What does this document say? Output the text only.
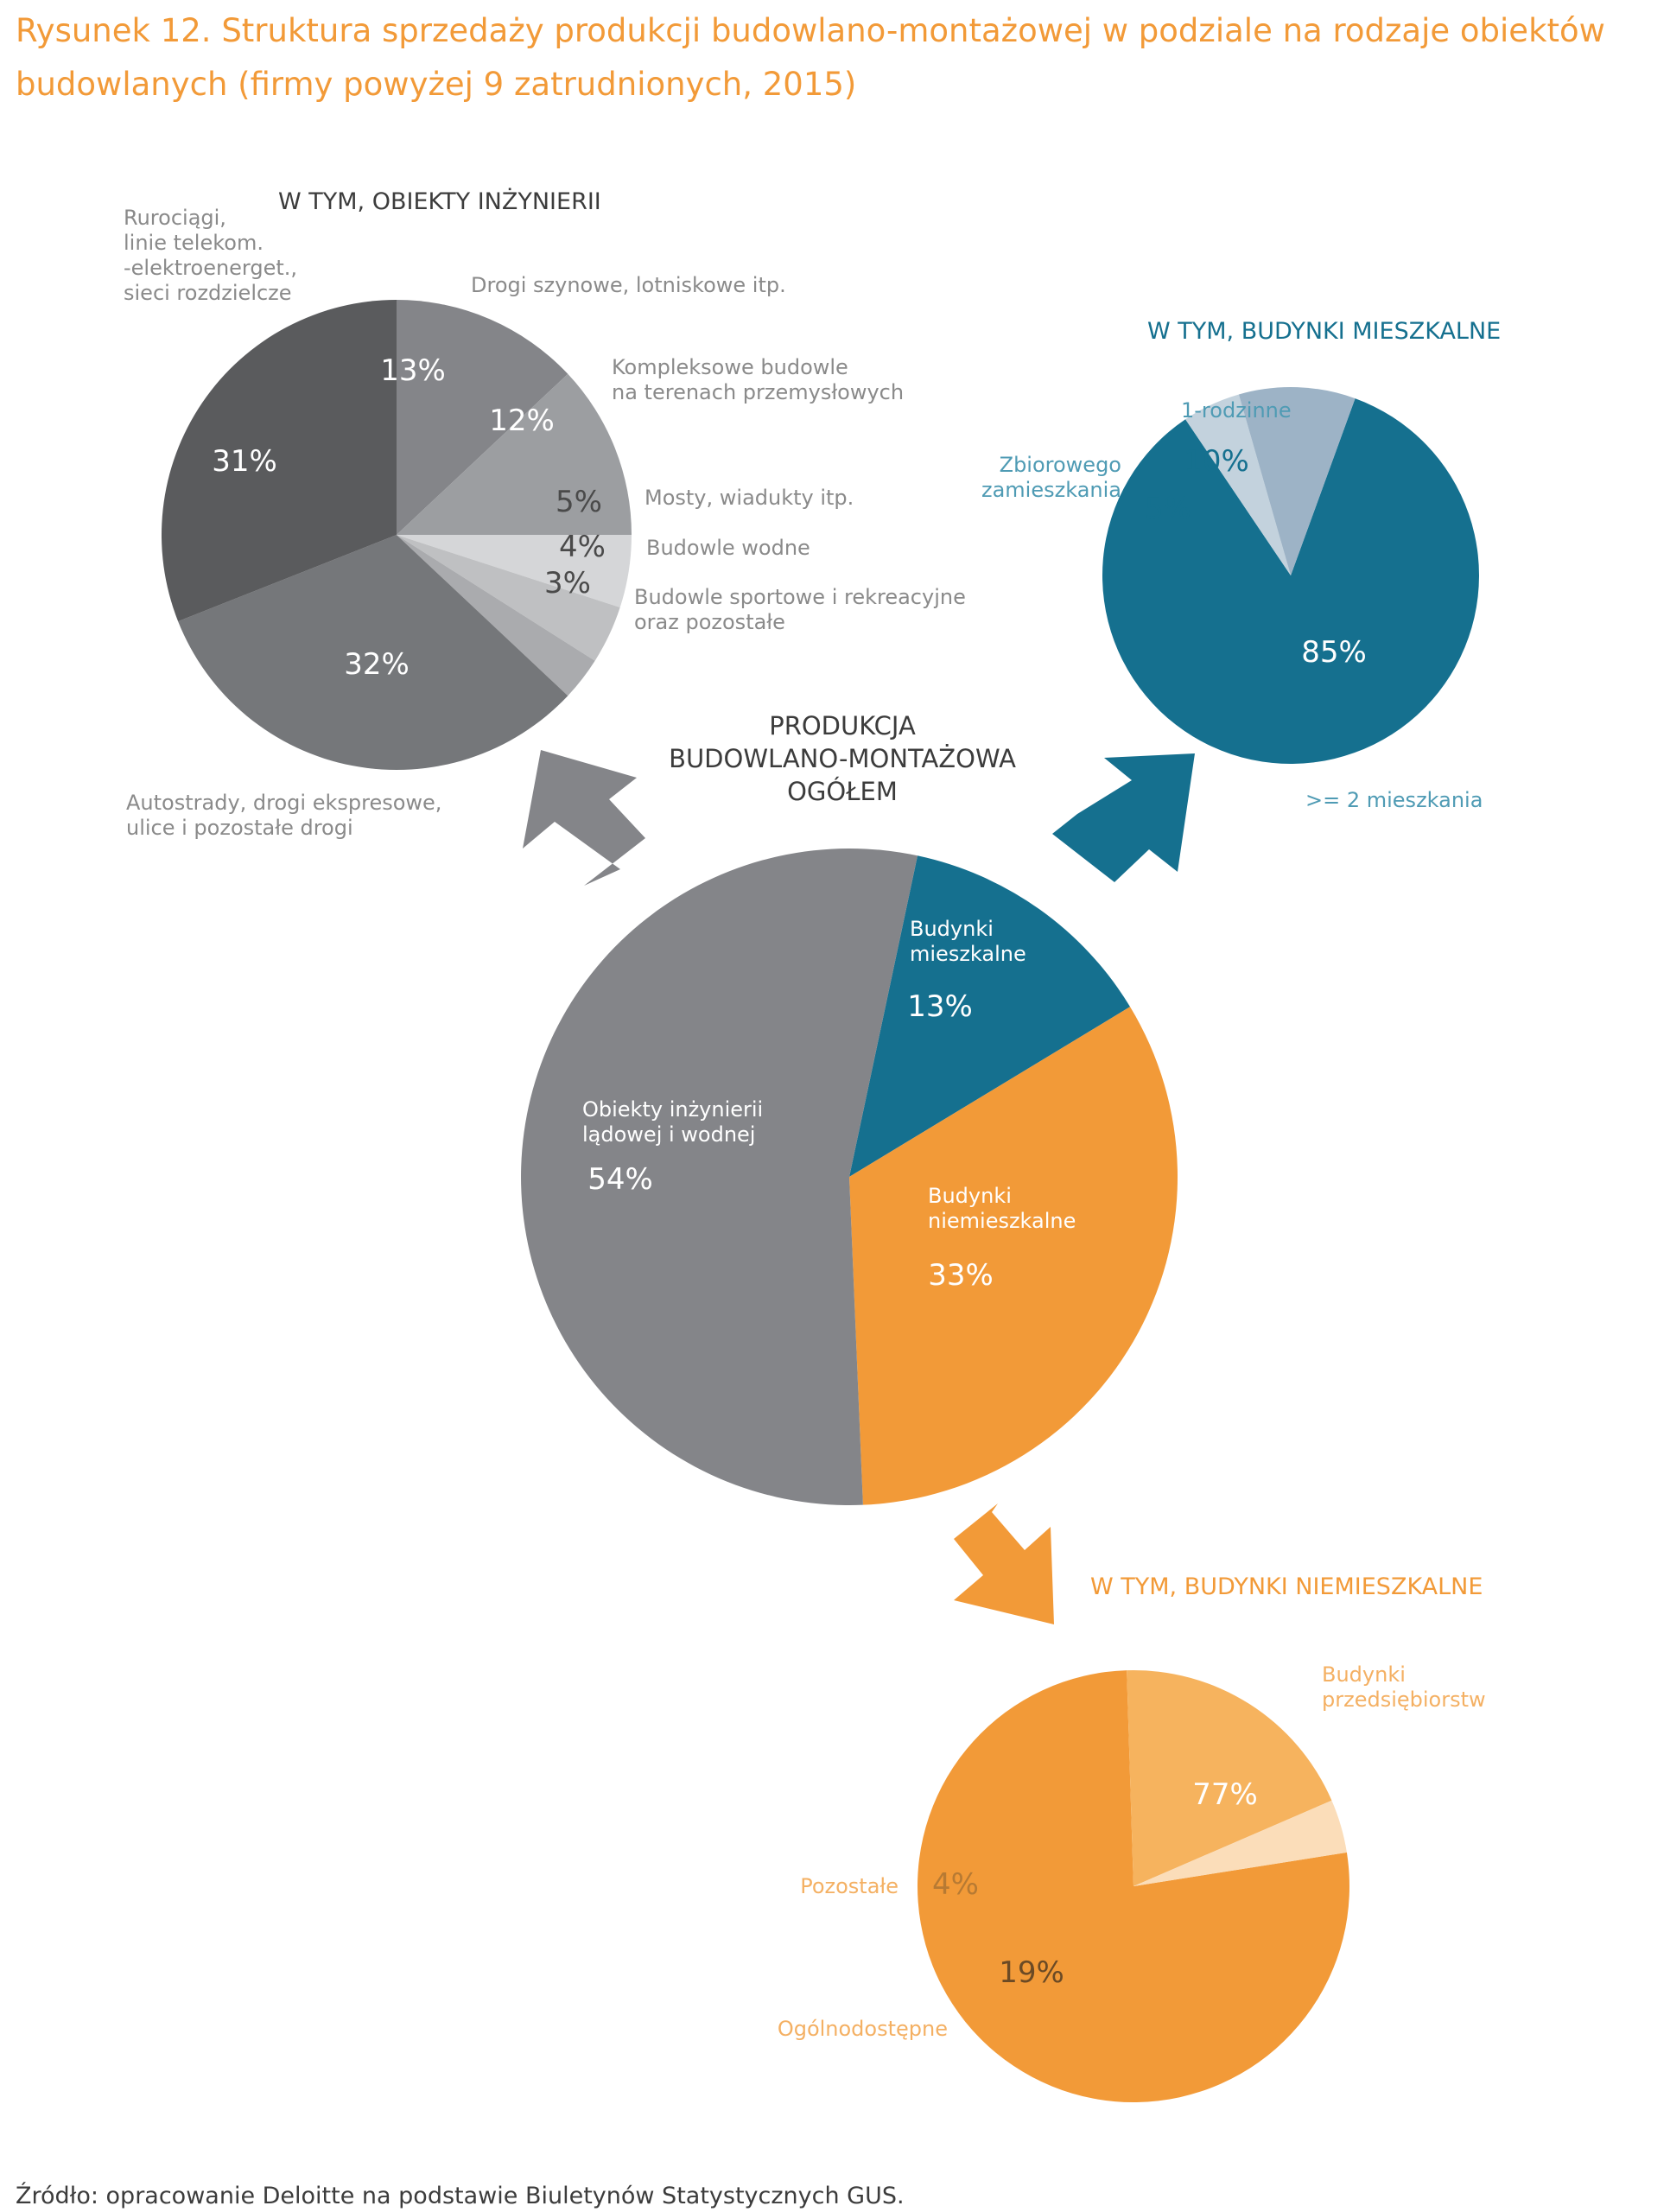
Rysunek 12. Struktura sprzedaży produkcji budowlano-montażowej w podziale na rodzaje obiektów
budowlanych (firmy powyżej 9 zatrudnionych, 2015)
13%
33%
54%
Budynki mieszkalne
Budynki niemieszkalne
Obiekty inżynierii lądowej i wodnej
PRODUKCJA
BUDOWLANO-MONTAŻOWA
OGÓŁEM
13%
12%
5%
4%
3%
32%
31%
Drogi szynowe, lotniskowe itp.
Kompleksowe budowle na terenach przemysłowych
Mosty, wiadukty itp.
Budowle wodne
Budowle sportowe i rekreacyjne oraz pozostałe
Autostrady, drogi ekspresowe, ulice i pozostałe drogi
Rurociągi, linie telekom. -elektroenerget., sieci rozdzielcze
W TYM, OBIEKTY INŻYNIERII
85%
5%
10%
>= 2 mieszkania
Zbiorowego zamieszkania
1-rodzinne
W TYM, BUDYNKI MIESZKALNE
77%
19%
4%
Budynki przedsiębiorstw
Ogólnodostępne
Pozostałe
W TYM, BUDYNKI NIEMIESZKALNE
Źródło: opracowanie Deloitte na podstawie Biuletynów Statystycznych GUS.
